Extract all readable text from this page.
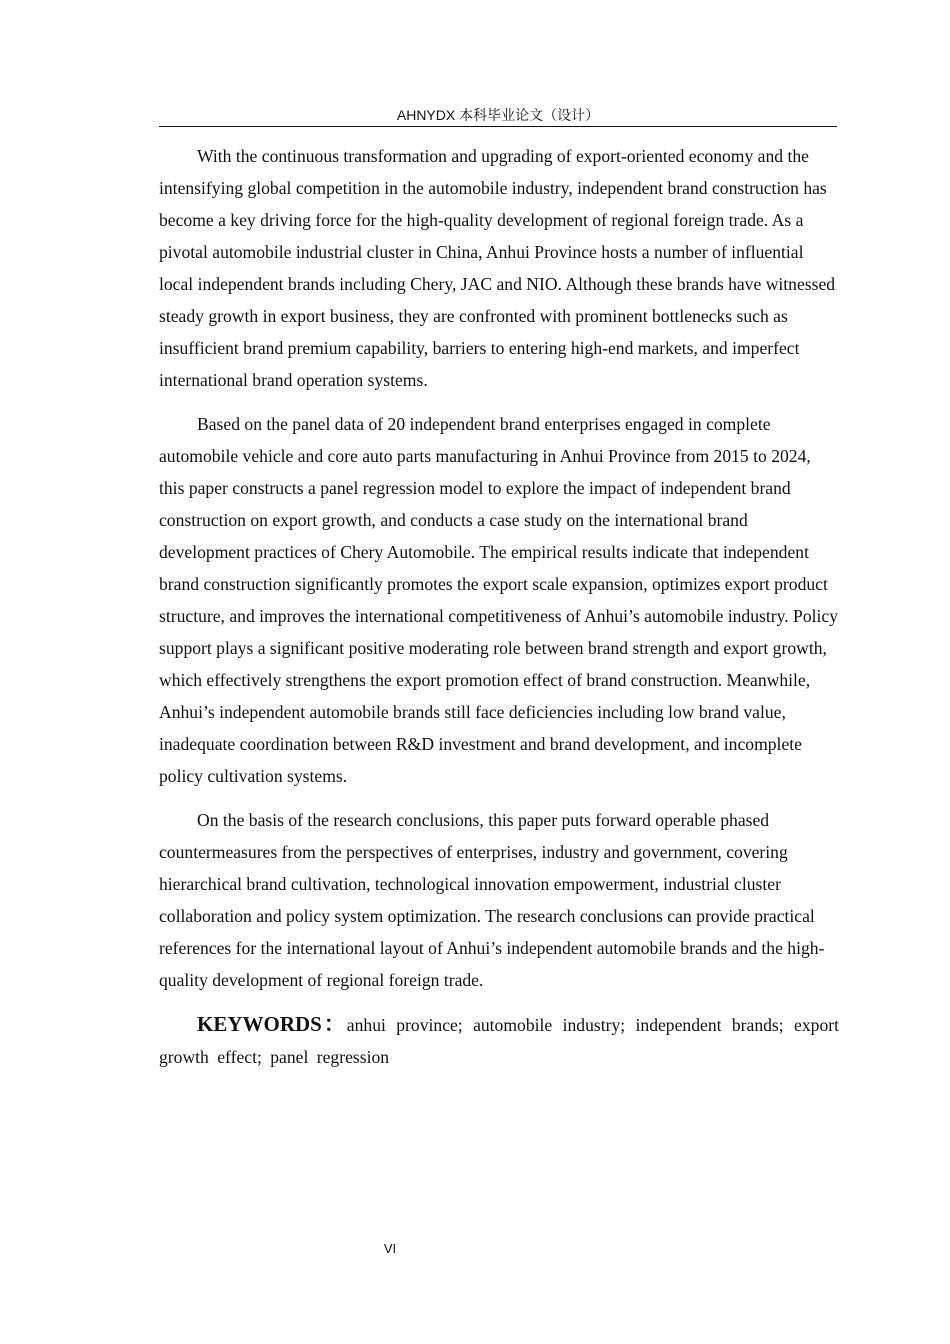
AHNYDX 本科毕业论文（设计）

With the continuous transformation and upgrading of export-oriented economy and the intensifying global competition in the automobile industry, independent brand construction has become a key driving force for the high-quality development of regional foreign trade. As a pivotal automobile industrial cluster in China, Anhui Province hosts a number of influential local independent brands including Chery, JAC and NIO. Although these brands have witnessed steady growth in export business, they are confronted with prominent bottlenecks such as insufficient brand premium capability, barriers to entering high-end markets, and imperfect international brand operation systems.

Based on the panel data of 20 independent brand enterprises engaged in complete automobile vehicle and core auto parts manufacturing in Anhui Province from 2015 to 2024, this paper constructs a panel regression model to explore the impact of independent brand construction on export growth, and conducts a case study on the international brand development practices of Chery Automobile. The empirical results indicate that independent brand construction significantly promotes the export scale expansion, optimizes export product structure, and improves the international competitiveness of Anhui’s automobile industry. Policy support plays a significant positive moderating role between brand strength and export growth, which effectively strengthens the export promotion effect of brand construction. Meanwhile, Anhui’s independent automobile brands still face deficiencies including low brand value, inadequate coordination between R&D investment and brand development, and incomplete policy cultivation systems.

On the basis of the research conclusions, this paper puts forward operable phased countermeasures from the perspectives of enterprises, industry and government, covering hierarchical brand cultivation, technological innovation empowerment, industrial cluster collaboration and policy system optimization. The research conclusions can provide practical references for the international layout of Anhui’s independent automobile brands and the high-quality development of regional foreign trade.

KEYWORDS：anhui province; automobile industry; independent brands; export growth effect; panel regression

VI
